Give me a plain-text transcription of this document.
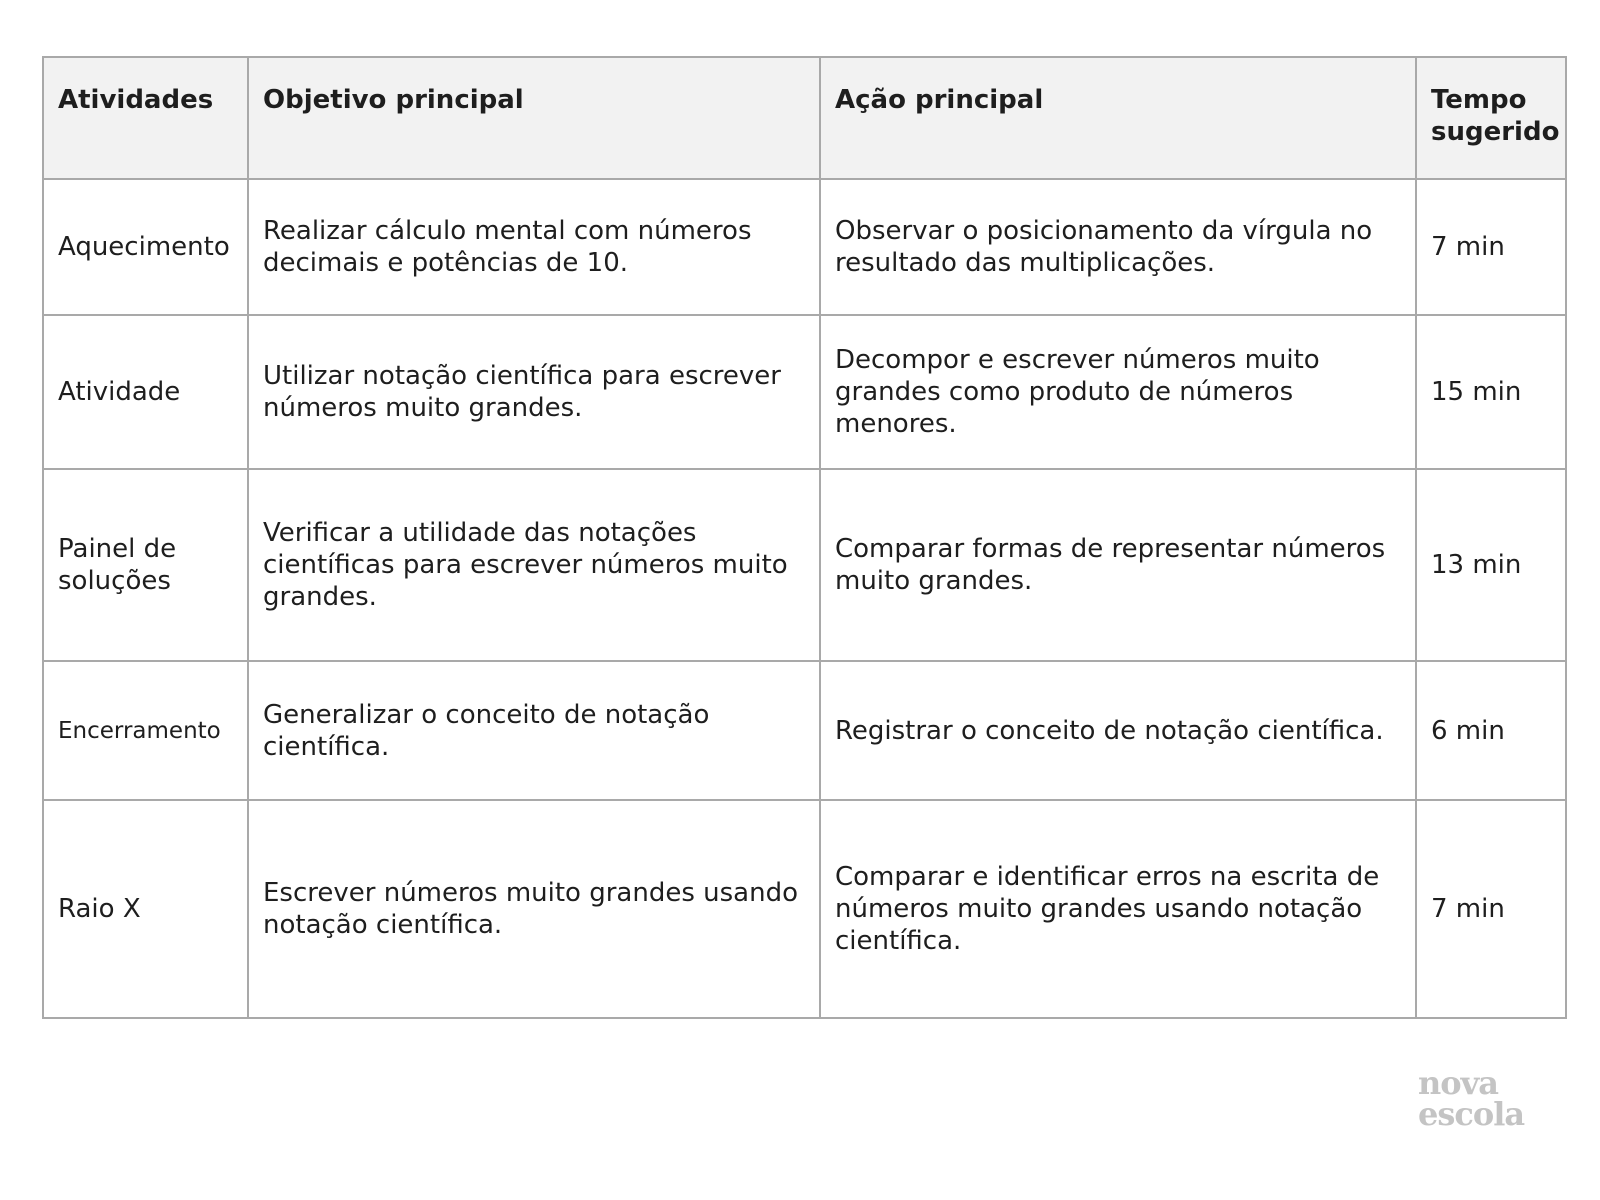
Atividades	Objetivo principal	Ação principal	Tempo sugerido
Aquecimento	Realizar cálculo mental com números decimais e potências de 10.	Observar o posicionamento da vírgula no resultado das multiplicações.	7 min
Atividade	Utilizar notação científica para escrever números muito grandes.	Decompor e escrever números muito grandes como produto de números menores.	15 min
Painel de soluções	Verificar a utilidade das notações científicas para escrever números muito grandes.	Comparar formas de representar números muito grandes.	13 min
Encerramento	Generalizar o conceito de notação científica.	Registrar o conceito de notação científica.	6 min
Raio X	Escrever números muito grandes usando notação científica.	Comparar e identificar erros na escrita de números muito grandes usando notação científica.	7 min
nova
escola
